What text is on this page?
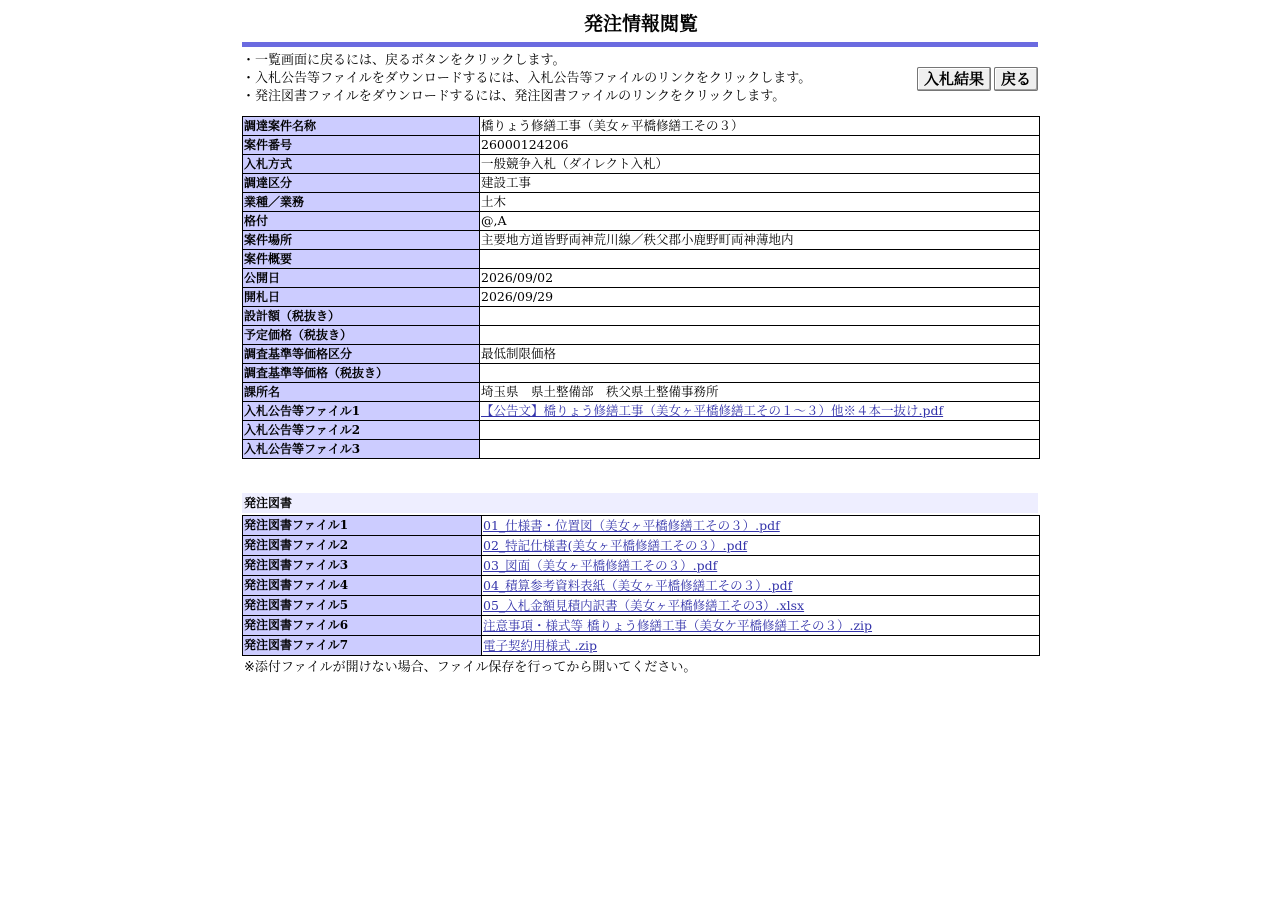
発注情報閲覧
・一覧画面に戻るには、戻るボタンをクリックします。
・入札公告等ファイルをダウンロードするには、入札公告等ファイルのリンクをクリックします。
・発注図書ファイルをダウンロードするには、発注図書ファイルのリンクをクリックします。
入札結果	戻る
調達案件名称	橋りょう修繕工事（美女ヶ平橋修繕工その３）
案件番号	26000124206
入札方式	一般競争入札（ダイレクト入札）
調達区分	建設工事
業種／業務	土木
格付	@,A
案件場所	主要地方道皆野両神荒川線／秩父郡小鹿野町両神薄地内
案件概要	
公開日	2026/09/02
開札日	2026/09/29
設計額（税抜き）	
予定価格（税抜き）	
調査基準等価格区分	最低制限価格
調査基準等価格（税抜き）	
課所名	埼玉県　県土整備部　秩父県土整備事務所
入札公告等ファイル1	【公告文】橋りょう修繕工事（美女ヶ平橋修繕工その１～３）他※４本一抜け.pdf
入札公告等ファイル2	
入札公告等ファイル3	
発注図書
発注図書ファイル1	01_仕様書・位置図（美女ヶ平橋修繕工その３）.pdf
発注図書ファイル2	02_特記仕様書(美女ヶ平橋修繕工その３）.pdf
発注図書ファイル3	03_図面（美女ヶ平橋修繕工その３）.pdf
発注図書ファイル4	04_積算参考資料表紙（美女ヶ平橋修繕工その３）.pdf
発注図書ファイル5	05_入札金額見積内訳書（美女ヶ平橋修繕工その3）.xlsx
発注図書ファイル6	注意事項・様式等 橋りょう修繕工事（美女ケ平橋修繕工その３）.zip
発注図書ファイル7	電子契約用様式 .zip
※添付ファイルが開けない場合、ファイル保存を行ってから開いてください。
